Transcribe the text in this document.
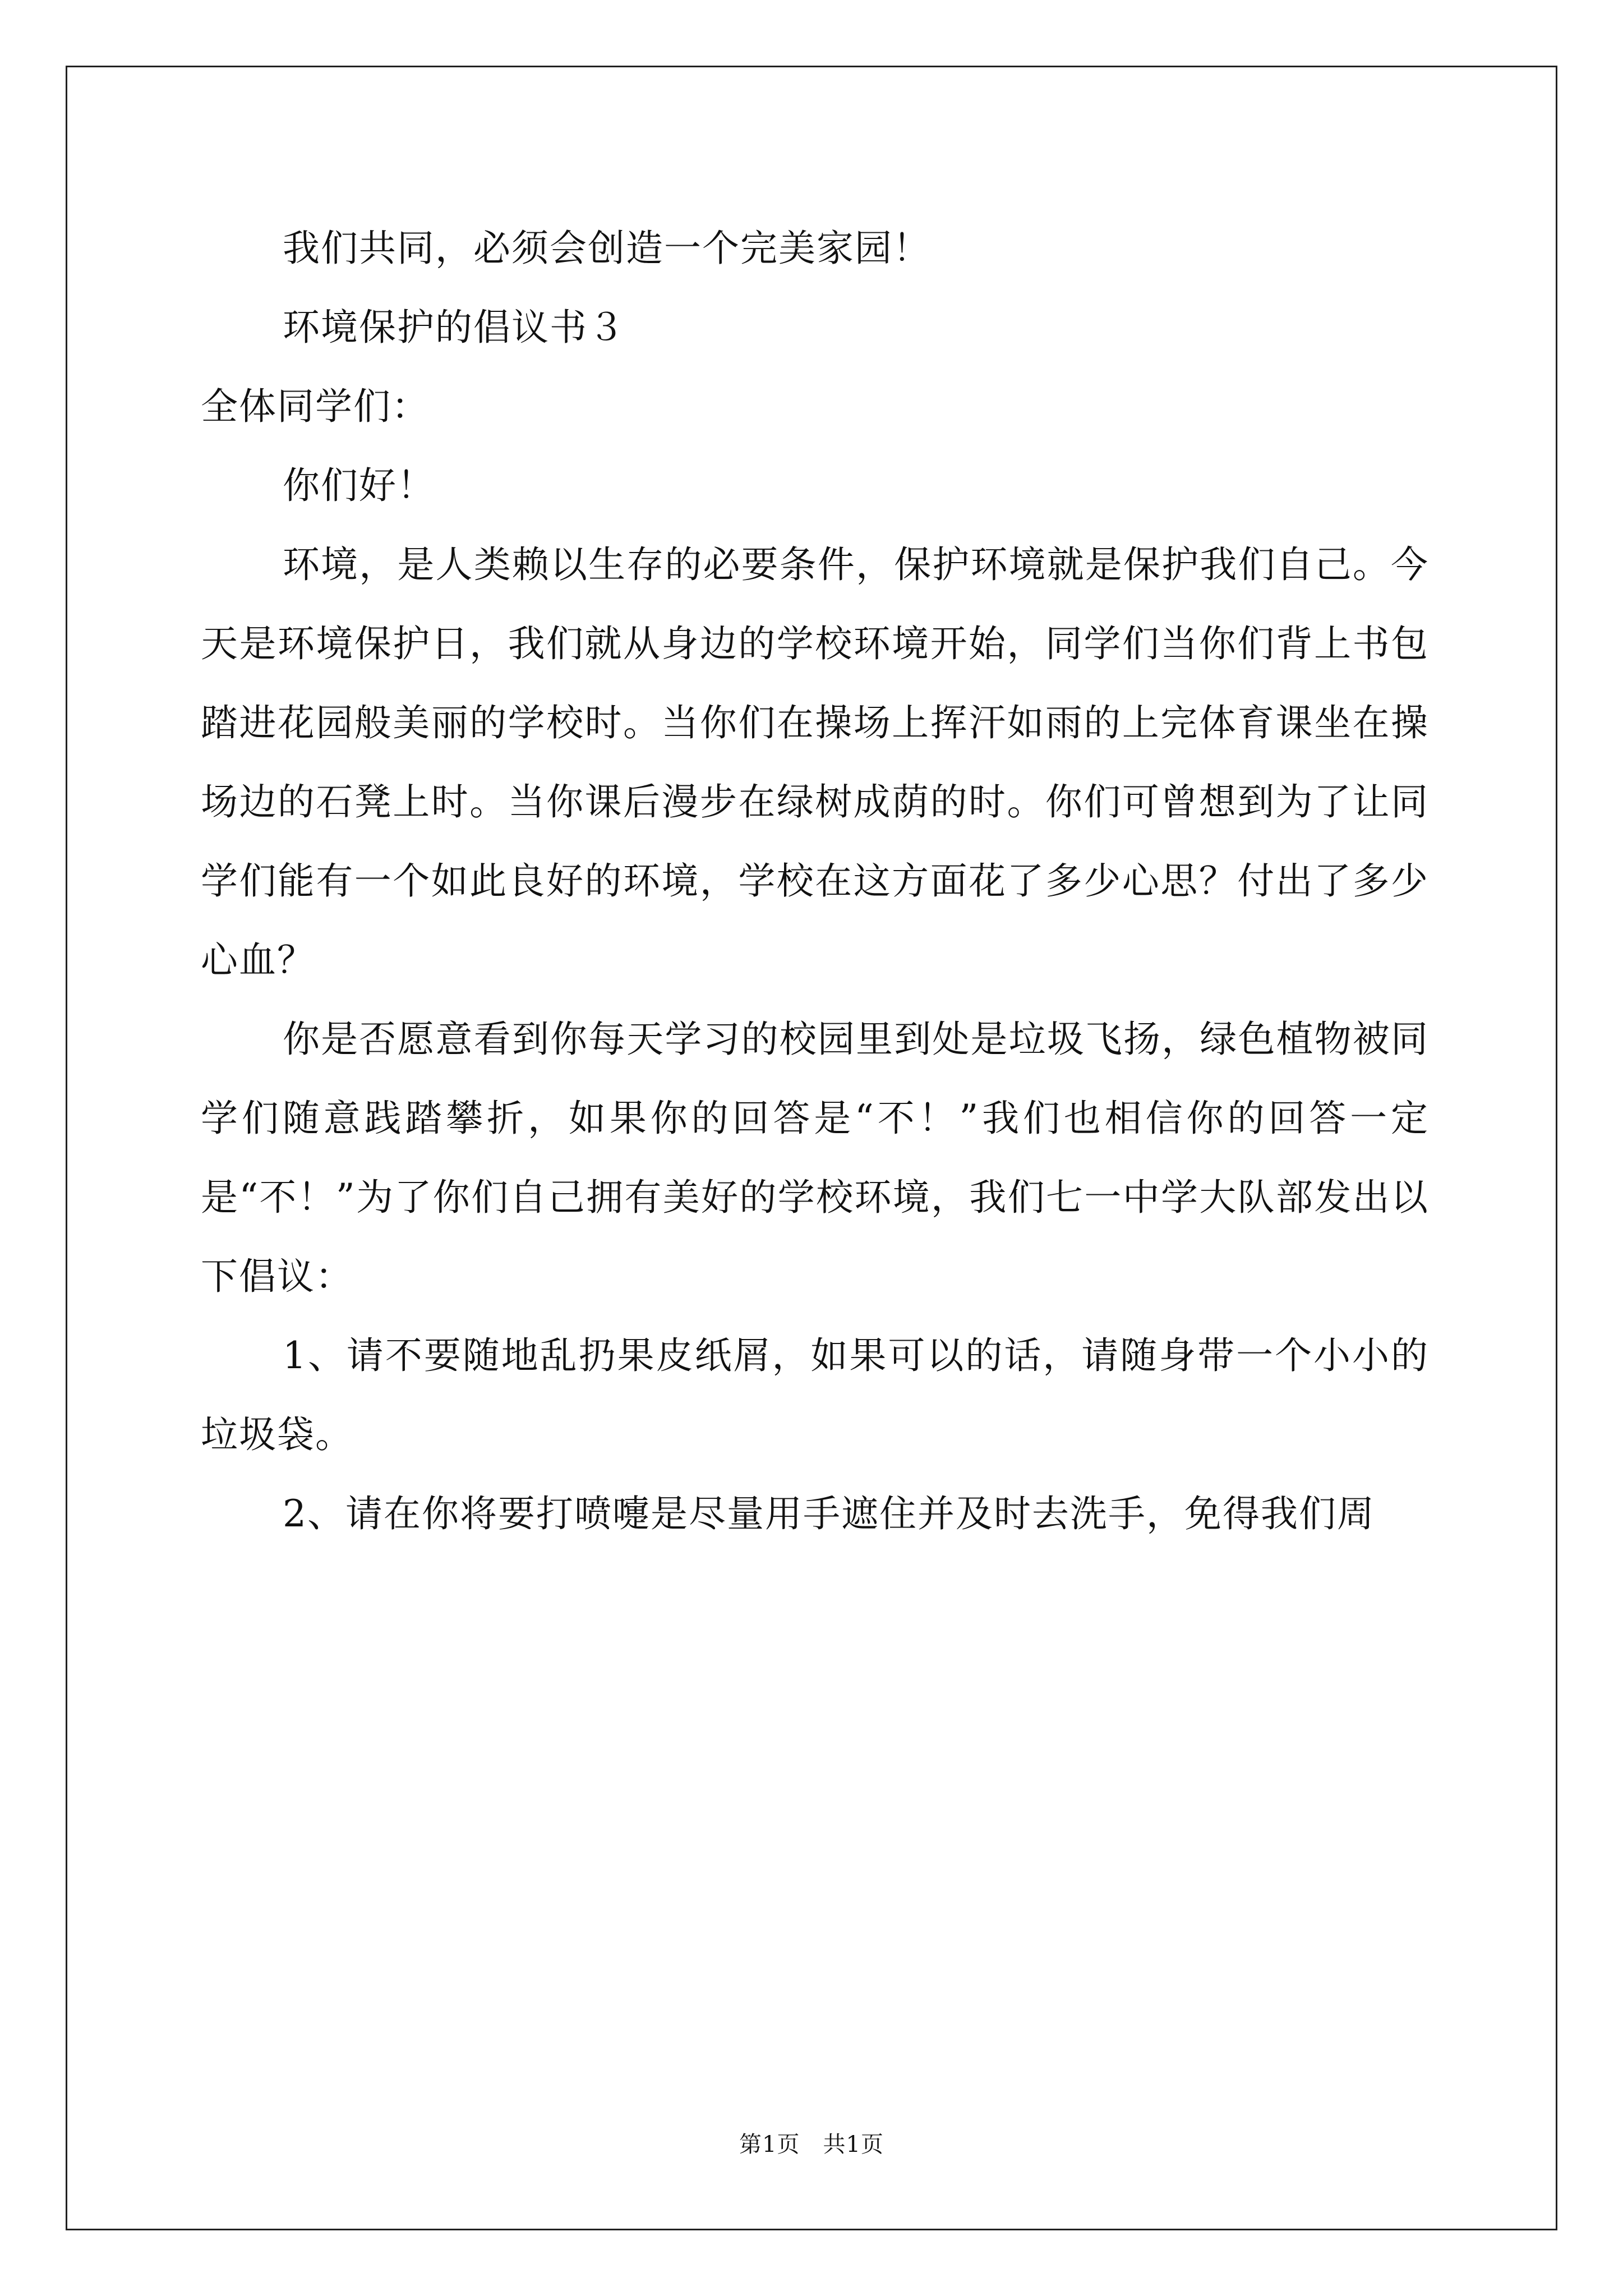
我们共同，必须会创造一个完美家园！

环境保护的倡议书３

全体同学们：

你们好！

环境，是人类赖以生存的必要条件，保护环境就是保护我们自己。今天是环境保护日，我们就从身边的学校环境开始，同学们当你们背上书包踏进花园般美丽的学校时。当你们在操场上挥汗如雨的上完体育课坐在操场边的石凳上时。当你课后漫步在绿树成荫的时。你们可曾想到为了让同学们能有一个如此良好的环境，学校在这方面花了多少心思？付出了多少心血？

你是否愿意看到你每天学习的校园里到处是垃圾飞扬，绿色植物被同学们随意践踏攀折，如果你的回答是“不！”我们也相信你的回答一定是“不！”为了你们自己拥有美好的学校环境，我们七一中学大队部发出以下倡议：

1、请不要随地乱扔果皮纸屑，如果可以的话，请随身带一个小小的垃圾袋。

2、请在你将要打喷嚏是尽量用手遮住并及时去洗手，免得我们周

第1页　共1页
